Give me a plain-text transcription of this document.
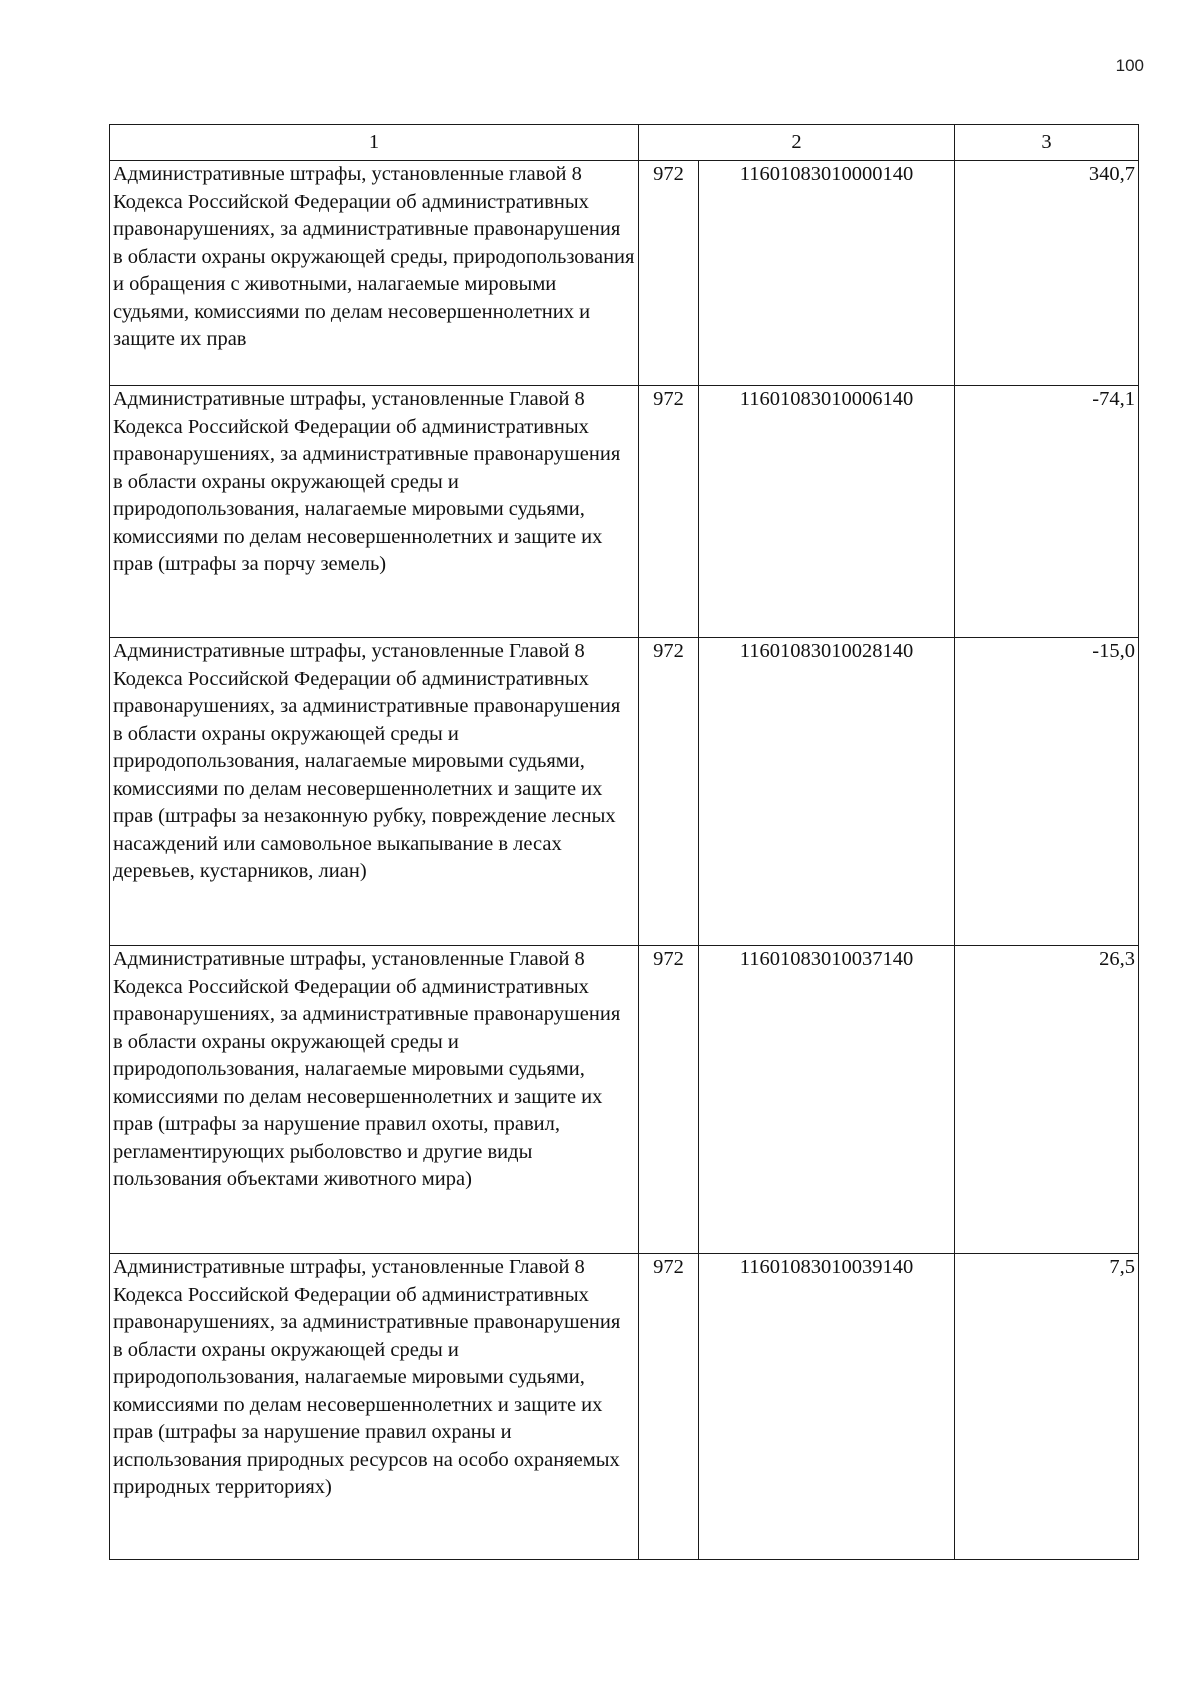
100
1	2		3
Административные штрафы, установленные главой 8 Кодекса Российской Федерации об административных правонарушениях, за административные правонарушения в области охраны окружающей среды, природопользования и обращения с животными, налагаемые мировыми судьями, комиссиями по делам несовершеннолетних и защите их прав	972	11601083010000140	340,7
Административные штрафы, установленные Главой 8 Кодекса Российской Федерации об административных правонарушениях, за административные правонарушения в области охраны окружающей среды и природопользования, налагаемые мировыми судьями, комиссиями по делам несовершеннолетних и защите их прав (штрафы за порчу земель)	972	11601083010006140	-74,1
Административные штрафы, установленные Главой 8 Кодекса Российской Федерации об административных правонарушениях, за административные правонарушения в области охраны окружающей среды и природопользования, налагаемые мировыми судьями, комиссиями по делам несовершеннолетних и защите их прав (штрафы за незаконную рубку, повреждение лесных насаждений или самовольное выкапывание в лесах деревьев, кустарников, лиан)	972	11601083010028140	-15,0
Административные штрафы, установленные Главой 8 Кодекса Российской Федерации об административных правонарушениях, за административные правонарушения в области охраны окружающей среды и природопользования, налагаемые мировыми судьями, комиссиями по делам несовершеннолетних и защите их прав (штрафы за нарушение правил охоты, правил, регламентирующих рыболовство и другие виды пользования объектами животного мира)	972	11601083010037140	26,3
Административные штрафы, установленные Главой 8 Кодекса Российской Федерации об административных правонарушениях, за административные правонарушения в области охраны окружающей среды и природопользования, налагаемые мировыми судьями, комиссиями по делам несовершеннолетних и защите их прав (штрафы за нарушение правил охраны и использования природных ресурсов на особо охраняемых природных территориях)	972	11601083010039140	7,5
